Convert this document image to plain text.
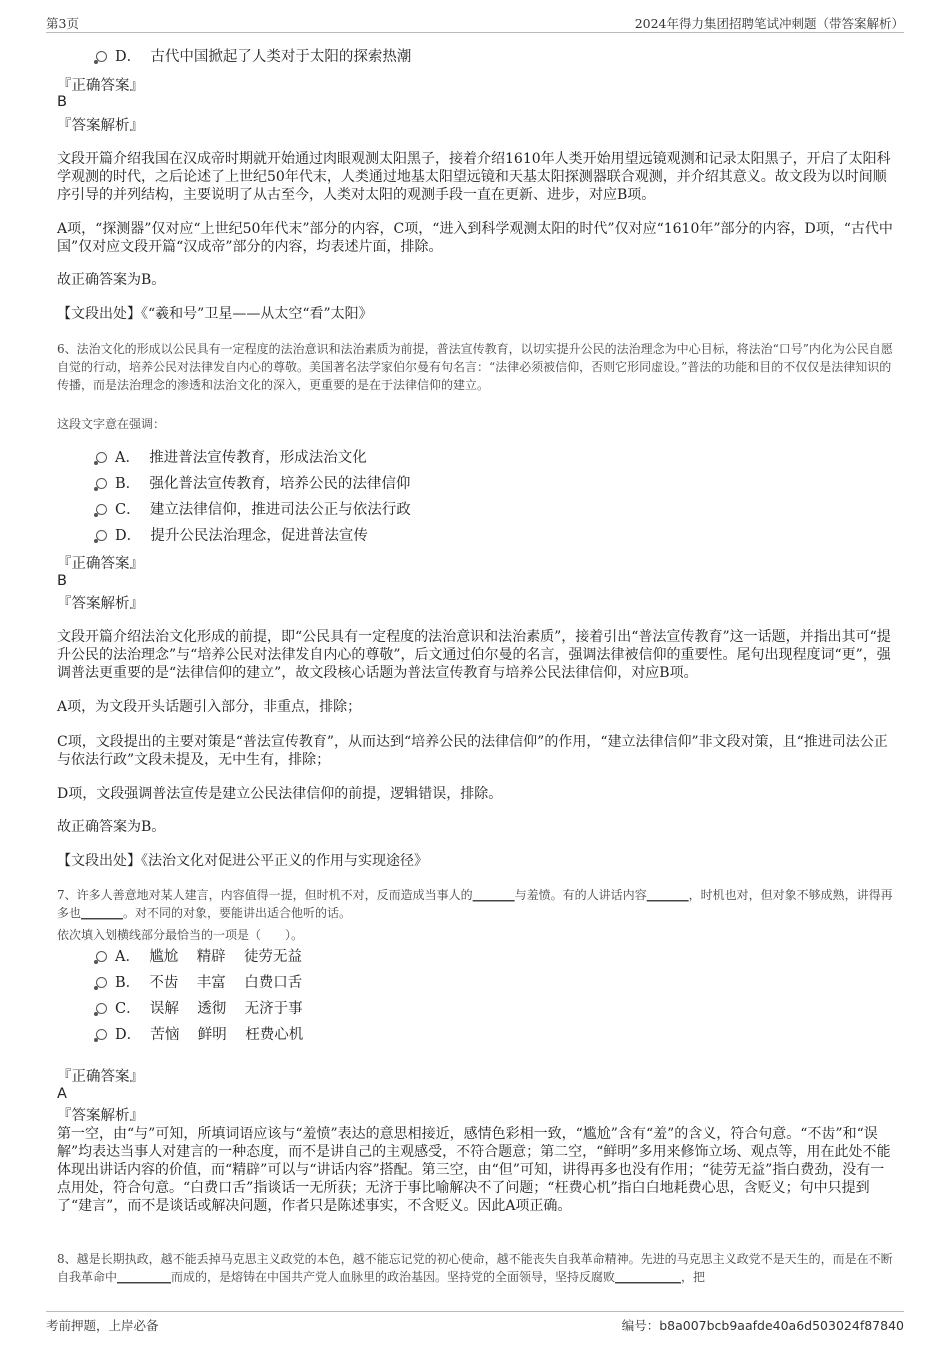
第3页	2024年得力集团招聘笔试冲刺题（带答案解析）
D．  古代中国掀起了人类对于太阳的探索热潮
『正确答案』
B
『答案解析』
文段开篇介绍我国在汉成帝时期就开始通过肉眼观测太阳黑子，接着介绍1610年人类开始用望远镜观测和记录太阳黑子，开启了太阳科学观测的时代，之后论述了上世纪50年代末，人类通过地基太阳望远镜和天基太阳探测器联合观测，并介绍其意义。故文段为以时间顺序引导的并列结构，主要说明了从古至今，人类对太阳的观测手段一直在更新、进步，对应B项。
A项，“探测器”仅对应“上世纪50年代末”部分的内容，C项，“进入到科学观测太阳的时代”仅对应“1610年”部分的内容，D项，“古代中国”仅对应文段开篇“汉成帝”部分的内容，均表述片面，排除。
故正确答案为B。
【文段出处】《“羲和号”卫星——从太空“看”太阳》
6、法治文化的形成以公民具有一定程度的法治意识和法治素质为前提，普法宣传教育，以切实提升公民的法治理念为中心目标，将法治“口号”内化为公民自愿自觉的行动，培养公民对法律发自内心的尊敬。美国著名法学家伯尔曼有句名言：“法律必须被信仰，否则它形同虚设。”普法的功能和目的不仅仅是法律知识的传播，而是法治理念的渗透和法治文化的深入，更重要的是在于法律信仰的建立。
这段文字意在强调：
A．  推进普法宣传教育，形成法治文化
B．  强化普法宣传教育，培养公民的法律信仰
C．  建立法律信仰，推进司法公正与依法行政
D．  提升公民法治理念，促进普法宣传
『正确答案』
B
『答案解析』
文段开篇介绍法治文化形成的前提，即“公民具有一定程度的法治意识和法治素质”，接着引出“普法宣传教育”这一话题，并指出其可“提升公民的法治理念”与“培养公民对法律发自内心的尊敬”，后文通过伯尔曼的名言，强调法律被信仰的重要性。尾句出现程度词“更”，强调普法更重要的是“法律信仰的建立”，故文段核心话题为普法宣传教育与培养公民法律信仰，对应B项。
A项，为文段开头话题引入部分，非重点，排除；
C项，文段提出的主要对策是“普法宣传教育”，从而达到“培养公民的法律信仰”的作用，“建立法律信仰”非文段对策，且“推进司法公正与依法行政”文段未提及，无中生有，排除；
D项，文段强调普法宣传是建立公民法律信仰的前提，逻辑错误，排除。
故正确答案为B。
【文段出处】《法治文化对促进公平正义的作用与实现途径》
7、许多人善意地对某人建言，内容值得一提，但时机不对，反而造成当事人的_______与羞愤。有的人讲话内容_______，时机也对，但对象不够成熟，讲得再多也_______。对不同的对象，要能讲出适合他听的话。
依次填入划横线部分最恰当的一项是（　　）。
A．  尴尬    精辟    徒劳无益
B．  不齿    丰富    白费口舌
C．  误解    透彻    无济于事
D．  苦恼    鲜明    枉费心机
『正确答案』
A
『答案解析』
第一空，由“与”可知，所填词语应该与“羞愤”表达的意思相接近，感情色彩相一致，“尴尬”含有“羞”的含义，符合句意。“不齿”和“误解”均表达当事人对建言的一种态度，而不是讲自己的主观感受，不符合题意；第二空，“鲜明”多用来修饰立场、观点等，用在此处不能体现出讲话内容的价值，而“精辟”可以与“讲话内容”搭配。第三空，由“但”可知，讲得再多也没有作用；“徒劳无益”指白费劲，没有一点用处，符合句意。“白费口舌”指谈话一无所获；无济于事比喻解决不了问题；“枉费心机”指白白地耗费心思，含贬义；句中只提到了“建言”，而不是谈话或解决问题，作者只是陈述事实，不含贬义。因此A项正确。
8、越是长期执政，越不能丢掉马克思主义政党的本色，越不能忘记党的初心使命，越不能丧失自我革命精神。先进的马克思主义政党不是天生的，而是在不断自我革命中_________而成的，是熔铸在中国共产党人血脉里的政治基因。坚持党的全面领导，坚持反腐败___________，把
考前押题，上岸必备	编号：b8a007bcb9aafde40a6d503024f87840
